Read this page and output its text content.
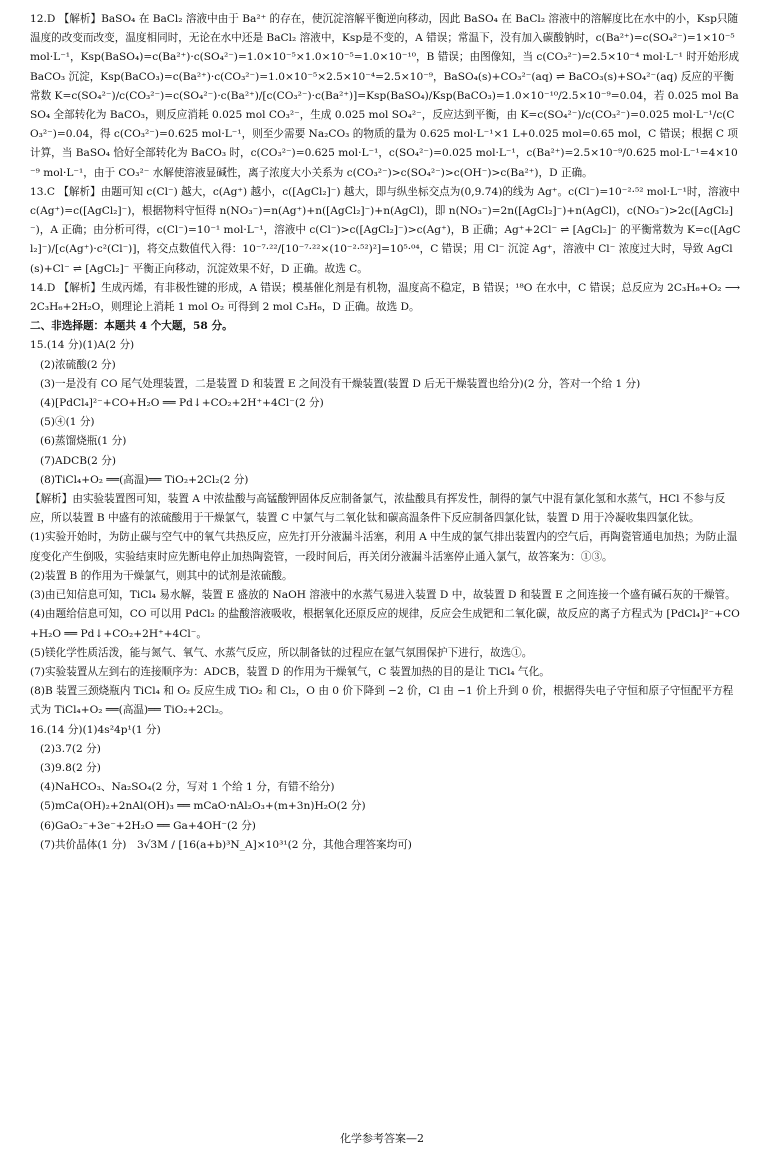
12.D 【解析】BaSO₄ 在 BaCl₂ 溶液中由于 Ba²⁺ 的存在，使沉淀溶解平衡逆向移动，因此 BaSO₄ 在 BaCl₂ 溶液中的溶解度比在水中的小，Ksp只随温度的改变而改变，温度相同时，无论在水中还是 BaCl₂ 溶液中，Ksp是不变的，A 错误；常温下，没有加入碳酸钠时，c(Ba²⁺)=c(SO₄²⁻)=1×10⁻⁵ mol·L⁻¹，Ksp(BaSO₄)=c(Ba²⁺)·c(SO₄²⁻)=1.0×10⁻⁵×1.0×10⁻⁵=1.0×10⁻¹⁰，B 错误；由图像知，当 c(CO₃²⁻)=2.5×10⁻⁴ mol·L⁻¹ 时开始形成 BaCO₃ 沉淀，Ksp(BaCO₃)=c(Ba²⁺)·c(CO₃²⁻)=1.0×10⁻⁵×2.5×10⁻⁴=2.5×10⁻⁹，BaSO₄(s)+CO₃²⁻(aq) ⇌ BaCO₃(s)+SO₄²⁻(aq) 反应的平衡常数 K=c(SO₄²⁻)/c(CO₃²⁻)=c(SO₄²⁻)·c(Ba²⁺)/[c(CO₃²⁻)·c(Ba²⁺)]=Ksp(BaSO₄)/Ksp(BaCO₃)=1.0×10⁻¹⁰/2.5×10⁻⁹=0.04，若 0.025 mol BaSO₄ 全部转化为 BaCO₃，则反应消耗 0.025 mol CO₃²⁻，生成 0.025 mol SO₄²⁻，反应达到平衡，由 K=c(SO₄²⁻)/c(CO₃²⁻)=0.025 mol·L⁻¹/c(CO₃²⁻)=0.04，得 c(CO₃²⁻)=0.625 mol·L⁻¹，则至少需要 Na₂CO₃ 的物质的量为 0.625 mol·L⁻¹×1 L+0.025 mol=0.65 mol，C 错误；根据 C 项计算，当 BaSO₄ 恰好全部转化为 BaCO₃ 时，c(CO₃²⁻)=0.625 mol·L⁻¹，c(SO₄²⁻)=0.025 mol·L⁻¹，c(Ba²⁺)=2.5×10⁻⁹/0.625 mol·L⁻¹=4×10⁻⁹ mol·L⁻¹，由于 CO₃²⁻ 水解使溶液显碱性，离子浓度大小关系为 c(CO₃²⁻)>c(SO₄²⁻)>c(OH⁻)>c(Ba²⁺)，D 正确。

13.C 【解析】由题可知 c(Cl⁻) 越大，c(Ag⁺) 越小，c([AgCl₂]⁻) 越大，即与纵坐标交点为(0,9.74)的线为 Ag⁺。c(Cl⁻)=10⁻²·⁵² mol·L⁻¹时，溶液中 c(Ag⁺)=c([AgCl₂]⁻)，根据物料守恒得 n(NO₃⁻)=n(Ag⁺)+n([AgCl₂]⁻)+n(AgCl)，即 n(NO₃⁻)=2n([AgCl₂]⁻)+n(AgCl)，c(NO₃⁻)>2c([AgCl₂]⁻)，A 正确；由分析可得，c(Cl⁻)=10⁻¹ mol·L⁻¹，溶液中 c(Cl⁻)>c([AgCl₂]⁻)>c(Ag⁺)，B 正确；Ag⁺+2Cl⁻ ⇌ [AgCl₂]⁻ 的平衡常数为 K=c([AgCl₂]⁻)/[c(Ag⁺)·c²(Cl⁻)]，将交点数值代入得：10⁻⁷·²²/[10⁻⁷·²²×(10⁻²·⁵²)²]=10⁵·⁰⁴，C 错误；用 Cl⁻ 沉淀 Ag⁺，溶液中 Cl⁻ 浓度过大时，导致 AgCl(s)+Cl⁻ ⇌ [AgCl₂]⁻ 平衡正向移动，沉淀效果不好，D 正确。故选 C。

14.D 【解析】生成丙烯，有非极性键的形成，A 错误；模基催化剂是有机物，温度高不稳定，B 错误；¹⁸O 在水中，C 错误；总反应为 2C₃H₆+O₂ ⟶ 2C₃H₆+2H₂O，则理论上消耗 1 mol O₂ 可得到 2 mol C₃H₆，D 正确。故选 D。

二、非选择题：本题共 4 个大题，58 分。

15.(14 分)(1)A(2 分)

(2)浓硫酸(2 分)

(3)一是没有 CO 尾气处理装置，二是装置 D 和装置 E 之间没有干燥装置(装置 D 后无干燥装置也给分)(2 分，答对一个给 1 分)

(4)[PdCl₄]²⁻+CO+H₂O ══ Pd↓+CO₂+2H⁺+4Cl⁻(2 分)

(5)④(1 分)

(6)蒸馏烧瓶(1 分)

(7)ADCB(2 分)

(8)TiCl₄+O₂ ══(高温)══ TiO₂+2Cl₂(2 分)

【解析】由实验装置图可知，装置 A 中浓盐酸与高锰酸钾固体反应制备氯气，浓盐酸具有挥发性，制得的氯气中混有氯化氢和水蒸气，HCl 不参与反应，所以装置 B 中盛有的浓硫酸用于干燥氯气，装置 C 中氯气与二氧化钛和碳高温条件下反应制备四氯化钛，装置 D 用于冷凝收集四氯化钛。

(1)实验开始时，为防止碳与空气中的氧气共热反应，应先打开分液漏斗活塞，利用 A 中生成的氯气排出装置内的空气后，再陶瓷管通电加热；为防止温度变化产生倒吸，实验结束时应先断电停止加热陶瓷管，一段时间后，再关闭分液漏斗活塞停止通入氯气，故答案为：①③。

(2)装置 B 的作用为干燥氯气，则其中的试剂是浓硫酸。

(3)由已知信息可知，TiCl₄ 易水解，装置 E 盛放的 NaOH 溶液中的水蒸气易进入装置 D 中，故装置 D 和装置 E 之间连接一个盛有碱石灰的干燥管。

(4)由题给信息可知，CO 可以用 PdCl₂ 的盐酸溶液吸收，根据氧化还原反应的规律，反应会生成钯和二氧化碳，故反应的离子方程式为 [PdCl₄]²⁻+CO+H₂O ══ Pd↓+CO₂+2H⁺+4Cl⁻。

(5)镁化学性质活泼，能与氮气、氧气、水蒸气反应，所以制备钛的过程应在氩气氛围保护下进行，故选①。

(7)实验装置从左到右的连接顺序为：ADCB，装置 D 的作用为干燥氧气，C 装置加热的目的是让 TiCl₄ 气化。

(8)B 装置三颈烧瓶内 TiCl₄ 和 O₂ 反应生成 TiO₂ 和 Cl₂，O 由 0 价下降到 −2 价，Cl 由 −1 价上升到 0 价，根据得失电子守恒和原子守恒配平方程式为 TiCl₄+O₂ ══(高温)══ TiO₂+2Cl₂。

16.(14 分)(1)4s²4p¹(1 分)

(2)3.7(2 分)

(3)9.8(2 分)

(4)NaHCO₃、Na₂SO₄(2 分，写对 1 个给 1 分，有错不给分)

(5)mCa(OH)₂+2nAl(OH)₃ ══ mCaO·nAl₂O₃+(m+3n)H₂O(2 分)

(6)GaO₂⁻+3e⁻+2H₂O ══ Ga+4OH⁻(2 分)

(7)共价晶体(1 分)　3√3M / [16(a+b)³N_A]×10³¹(2 分，其他合理答案均可)

化学参考答案—2
